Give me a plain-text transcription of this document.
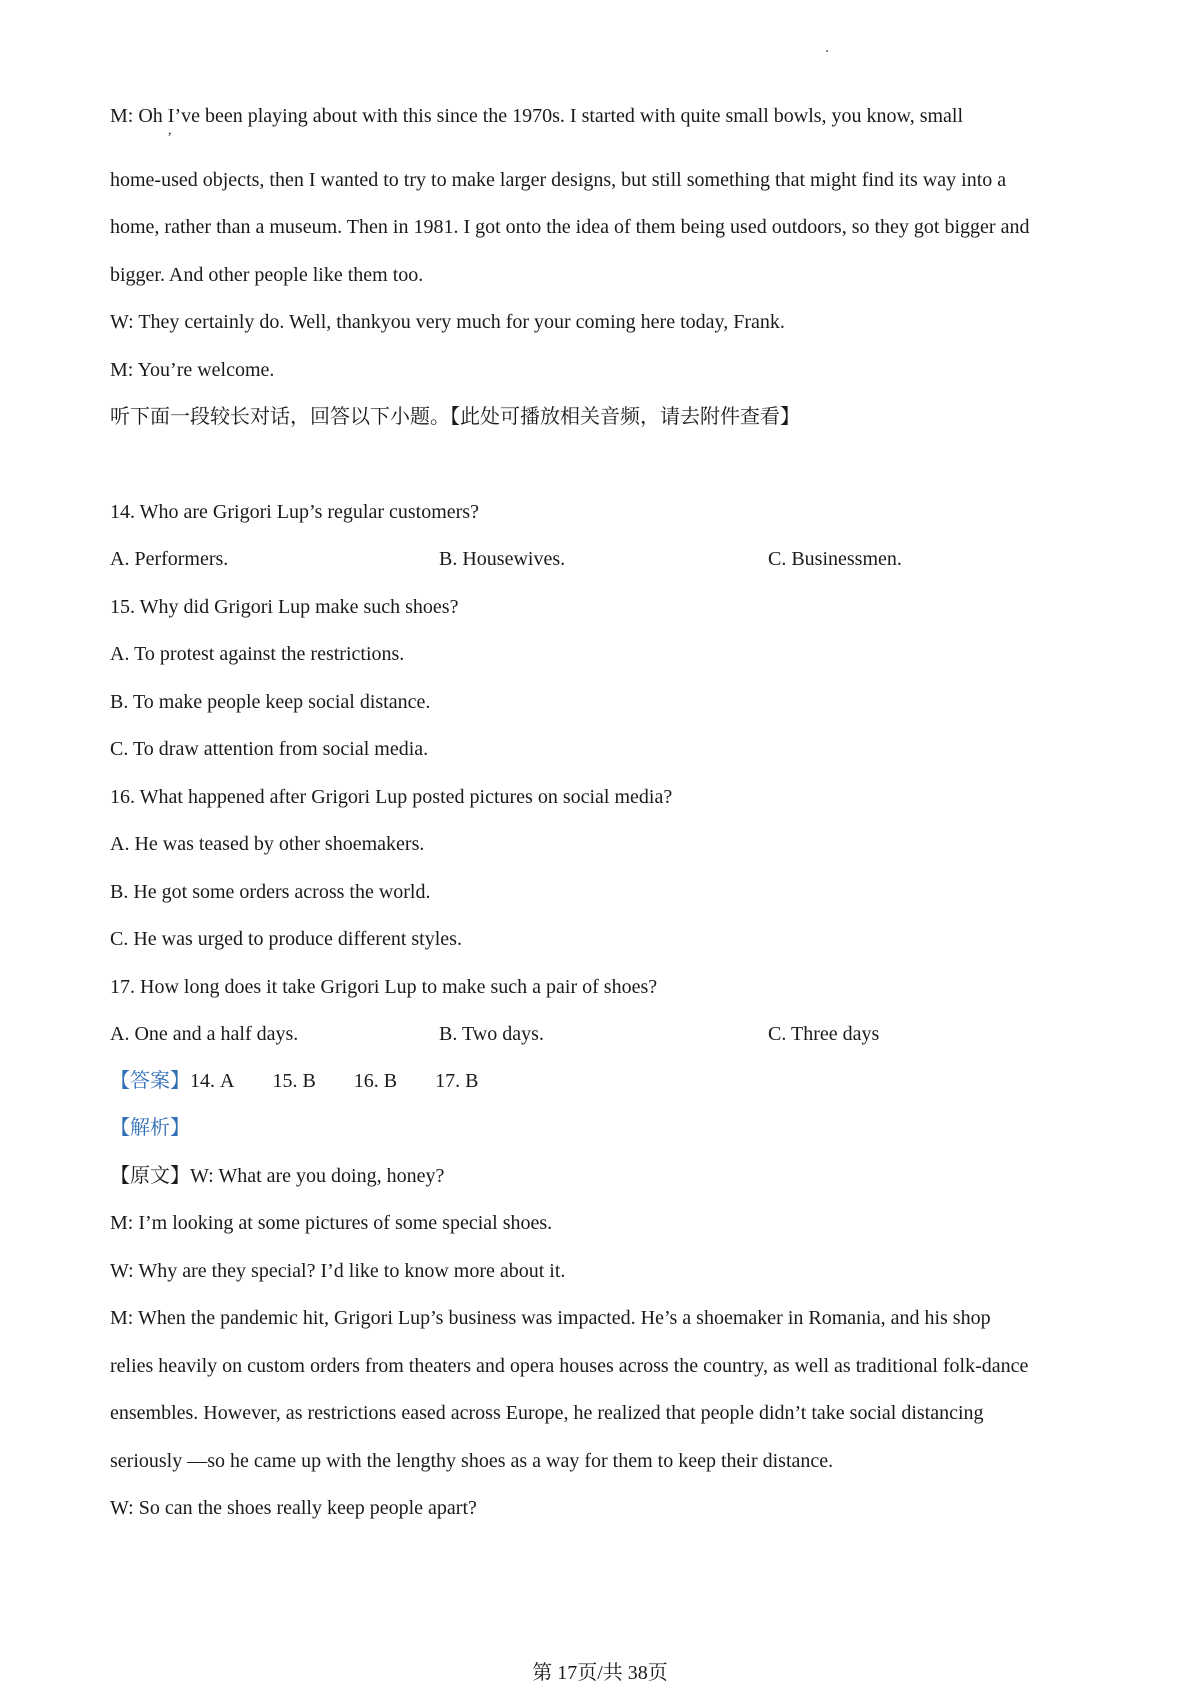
M: Oh I’ve been playing about with this since the 1970s. I started with quite small bowls, you know, small
,
home-used objects, then I wanted to try to make larger designs, but still something that might find its way into a
home, rather than a museum. Then in 1981. I got onto the idea of them being used outdoors, so they got bigger and
bigger. And other people like them too.
W: They certainly do. Well, thankyou very much for your coming here today, Frank.
M: You’re welcome.
听下面一段较长对话，回答以下小题。【此处可播放相关音频，请去附件查看】
14. Who are Grigori Lup’s regular customers?
A. Performers.	B. Housewives.	C. Businessmen.
15. Why did Grigori Lup make such shoes?
A. To protest against the restrictions.
B. To make people keep social distance.
C. To draw attention from social media.
16. What happened after Grigori Lup posted pictures on social media?
A. He was teased by other shoemakers.
B. He got some orders across the world.
C. He was urged to produce different styles.
17. How long does it take Grigori Lup to make such a pair of shoes?
A. One and a half days.	B. Two days.	C. Three days
【答案】14. A 15. B 16. B 17. B
【解析】
【原文】W: What are you doing, honey?
M: I’m looking at some pictures of some special shoes.
W: Why are they special? I’d like to know more about it.
M: When the pandemic hit, Grigori Lup’s business was impacted. He’s a shoemaker in Romania, and his shop
relies heavily on custom orders from theaters and opera houses across the country, as well as traditional folk-dance
ensembles. However, as restrictions eased across Europe, he realized that people didn’t take social distancing
seriously —so he came up with the lengthy shoes as a way for them to keep their distance.
W: So can the shoes really keep people apart?
第 17页/共 38页
